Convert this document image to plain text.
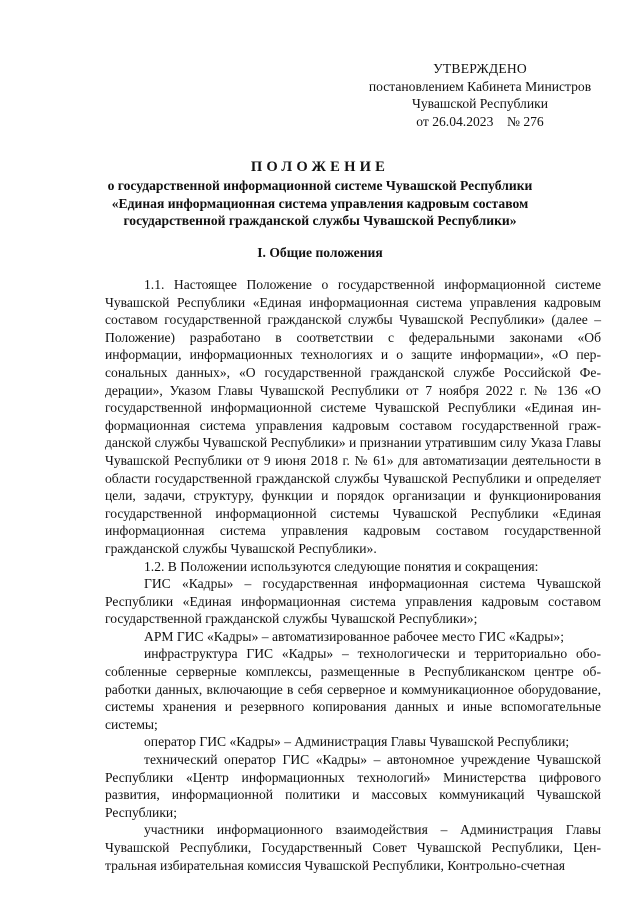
УТВЕРЖДЕНО
постановлением Кабинета Министров
Чувашской Республики
от 26.04.2023    № 276
ПОЛОЖЕНИЕ
о государственной информационной системе Чувашской Республики
«Единая информационная система управления кадровым составом
государственной гражданской службы Чувашской Республики»
I. Общие положения

1.1. Настоящее Положение о государственной информационной системе Чувашской Республики «Единая информационная система управления кадровым составом государственной гражданской службы Чувашской Республики» (далее – Положение) разработано в соответствии с федеральными законами «Об информации, информационных технологиях и о защите информации», «О персональных данных», «О государственной гражданской службе Российской Федерации», Указом Главы Чувашской Республики от 7 ноября 2022 г. № 136 «О государственной информационной системе Чувашской Республики «Единая информационная система управления кадровым составом государственной гражданской службы Чувашской Республики» и признании утратившим силу Указа Главы Чувашской Республики от 9 июня 2018 г. № 61» для автоматизации деятельности в области государственной гражданской службы Чувашской Республики и определяет цели, задачи, структуру, функции и порядок организации и функционирования государственной информационной системы Чувашской Республики «Единая информационная система управления кадровым составом государственной гражданской службы Чувашской Республики».

1.2. В Положении используются следующие понятия и сокращения:

ГИС «Кадры» – государственная информационная система Чувашской Республики «Единая информационная система управления кадровым составом государственной гражданской службы Чувашской Республики»;

АРМ ГИС «Кадры» – автоматизированное рабочее место ГИС «Кадры»;

инфраструктура ГИС «Кадры» – технологически и территориально обособленные серверные комплексы, размещенные в Республиканском центре обработки данных, включающие в себя серверное и коммуникационное оборудование, системы хранения и резервного копирования данных и иные вспомогательные системы;

оператор ГИС «Кадры» – Администрация Главы Чувашской Республики;

технический оператор ГИС «Кадры» – автономное учреждение Чувашской Республики «Центр информационных технологий» Министерства цифрового развития, информационной политики и массовых коммуникаций Чувашской Республики;

участники информационного взаимодействия – Администрация Главы Чувашской Республики, Государственный Совет Чувашской Республики, Центральная избирательная комиссия Чувашской Республики, Контрольно-счетная
